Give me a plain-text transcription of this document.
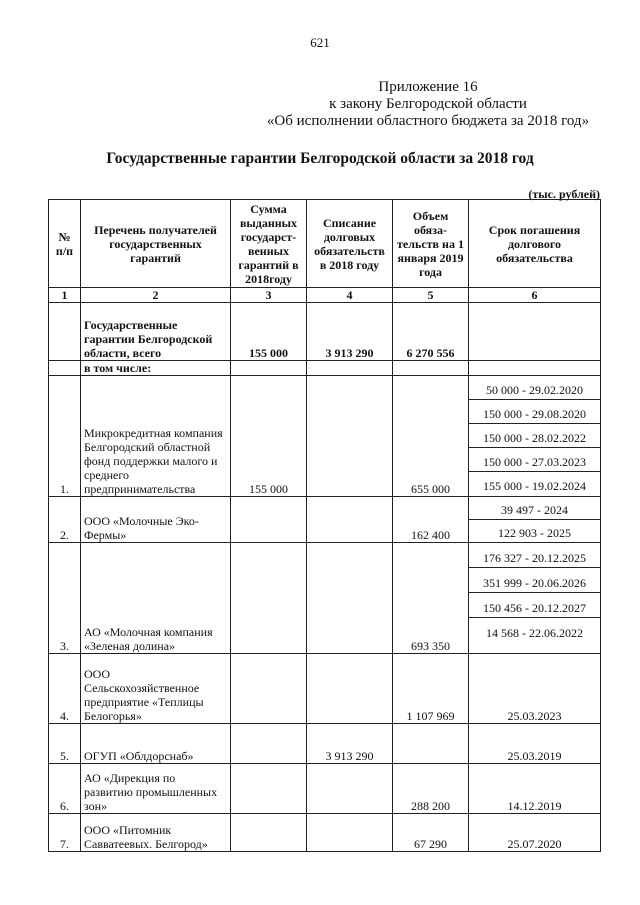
621
Приложение 16
к закону Белгородской области
«Об исполнении областного бюджета за 2018 год»
Государственные гарантии Белгородской области за 2018 год
(тыс. рублей)
№ п/п	Перечень получателей государственных гарантий	Сумма выданных государст-венных гарантий в 2018году	Списание долговых обязательств в 2018 году	Объем обяза-тельств на 1 января 2019 года	Срок погашения долгового обязательства
1	2	3	4	5	6
	Государственные гарантии Белгородской области, всего	155 000	3 913 290	6 270 556	
	в том числе:				
1.	Микрокредитная компания Белгородский областной фонд поддержки малого и среднего предпринимательства	155 000		655 000	50 000 - 29.02.2020
150 000 - 29.08.2020
150 000 - 28.02.2022
150 000 - 27.03.2023
155 000 - 19.02.2024

2.	ООО «Молочные Эко-Фермы»			162 400	39 497 - 2024
122 903 - 2025

3.	АО «Молочная компания «Зеленая долина»			693 350	176 327 - 20.12.2025
351 999 - 20.06.2026
150 456 - 20.12.2027
14 568 - 22.06.2022

4.	ООО Сельскохозяйственное предприятие «Теплицы Белогорья»			1 107 969	25.03.2023
5.	ОГУП «Облдорснаб»		3 913 290		25.03.2019
6.	АО «Дирекция по развитию промышленных зон»			288 200	14.12.2019
7.	ООО «Питомник Савватеевых. Белгород»			67 290	25.07.2020
